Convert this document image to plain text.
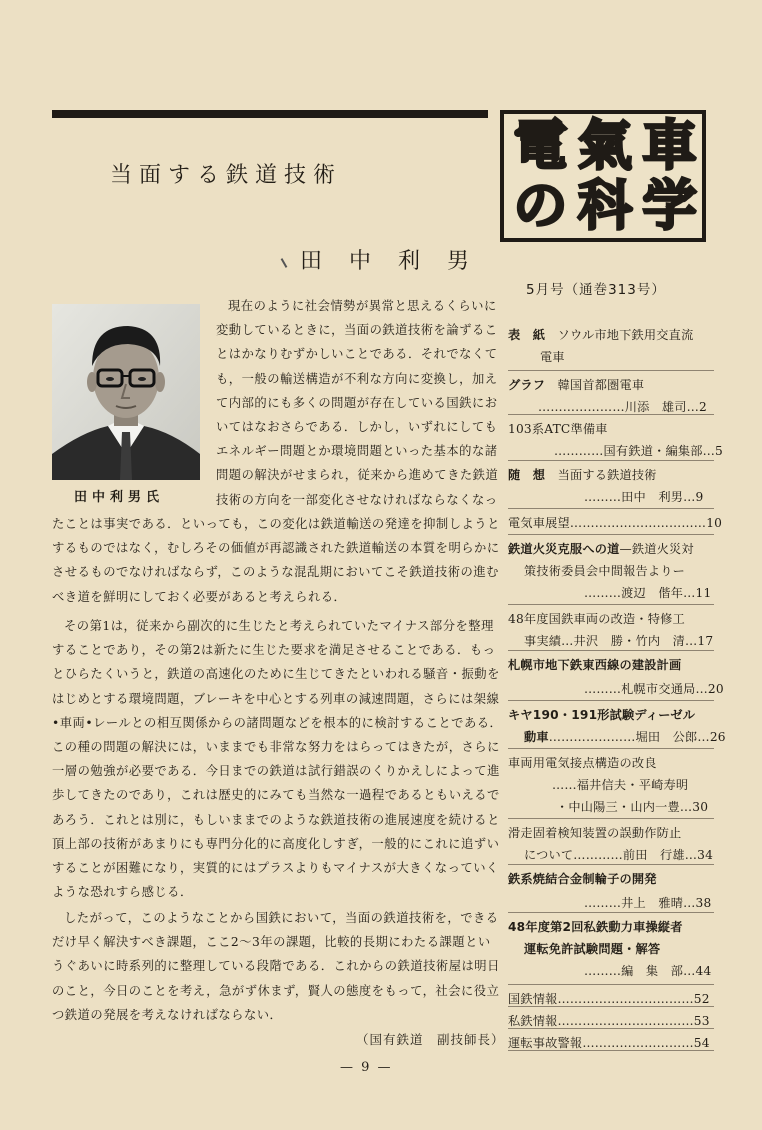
当面する鉄道技術
田 中 利 男
田中利男氏
現在のように社会情勢が異常と思えるくらいに
変動しているときに，当面の鉄道技術を論ずるこ
とはかなりむずかしいことである．それでなくて
も，一般の輸送構造が不利な方向に変換し，加え
て内部的にも多くの問題が存在している国鉄にお
いてはなおさらである．しかし，いずれにしても
エネルギー問題とか環境問題といった基本的な諸
問題の解決がせまられ，従来から進めてきた鉄道
技術の方向を一部変化させなければならなくなっ
たことは事実である．といっても，この変化は鉄道輸送の発達を抑制しようと
するものではなく，むしろその価値が再認識された鉄道輸送の本質を明らかに
させるものでなければならず，このような混乱期においてこそ鉄道技術の進む
べき道を鮮明にしておく必要があると考えられる．
その第1は，従来から副次的に生じたと考えられていたマイナス部分を整理
することであり，その第2は新たに生じた要求を満足させることである．もっ
とひらたくいうと，鉄道の高速化のために生じてきたといわれる騒音・振動を
はじめとする環境問題，ブレーキを中心とする列車の減速問題，さらには架線
•車両•レールとの相互関係からの諸問題などを根本的に検討することである．
この種の問題の解決には，いままでも非常な努力をはらってはきたが，さらに
一層の勉強が必要である．今日までの鉄道は試行錯誤のくりかえしによって進
歩してきたのであり，これは歴史的にみても当然な一過程であるともいえるで
あろう．これとは別に，もしいままでのような鉄道技術の進展速度を続けると
頂上部の技術があまりにも専門分化的に高度化しすぎ，一般的にこれに追ずい
することが困難になり，実質的にはプラスよりもマイナスが大きくなっていく
ような恐れすら感じる．
したがって，このようなことから国鉄において，当面の鉄道技術を，できる
だけ早く解決すべき課題，ここ2〜3年の課題，比較的長期にわたる課題とい
うぐあいに時系列的に整理している段階である．これからの鉄道技術屋は明日
のこと，今日のことを考え，急がず休まず，賢人の態度をもって，社会に役立
つ鉄道の発展を考えなければならない．
（国有鉄道　副技師長）
— 9 —
電 氣 車
の 科 学
5月号（通巻313号）
表　紙　 ソウル市地下鉄用交直流
電車
グラフ　 韓国首都圏電車
…………………川添　雄司…2
103系ATC準備車
…………国有鉄道・編集部…5
随　想　 当面する鉄道技術
………田中　利男…9
電気車展望……………………………10
鉄道火災克服への道—鉄道火災対
策技術委員会中間報告よりー
………渡辺　偕年…11
48年度国鉄車両の改造・特修工
事実績…井沢　勝・竹内　清…17
札幌市地下鉄東西線の建設計画
………札幌市交通局…20
キヤ190・191形試験ディーゼル
動車…………………堀田　公郎…26
車両用電気接点構造の改良
……福井信夫・平崎寿明
・中山陽三・山内一豊…30
滑走固着検知装置の誤動作防止
について…………前田　行雄…34
鉄系焼結合金制輪子の開発
………井上　雅晴…38
48年度第2回私鉄動力車操縦者
運転免許試験問題・解答
………編　集　部…44
国鉄情報……………………………52
私鉄情報……………………………53
運転事故警報………………………54
